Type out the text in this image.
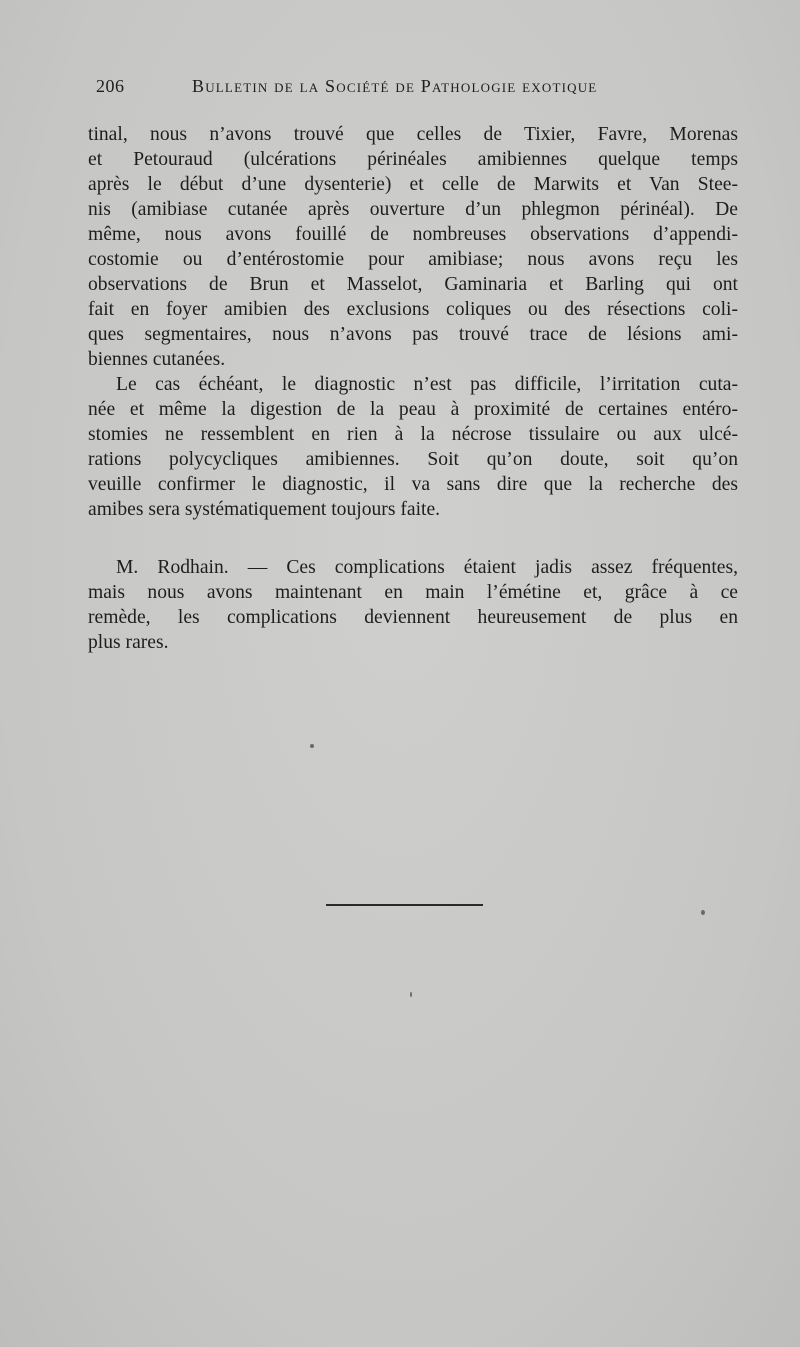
206	Bulletin de la Société de Pathologie exotique

tinal, nous n’avons trouvé que celles de Tixier, Favre, Morenas
et Petouraud (ulcérations périnéales amibiennes quelque temps
après le début d’une dysenterie) et celle de Marwits et Van Stee-
nis (amibiase cutanée après ouverture d’un phlegmon périnéal). De
même, nous avons fouillé de nombreuses observations d’appendi-
costomie ou d’entérostomie pour amibiase; nous avons reçu les
observations de Brun et Masselot, Gaminaria et Barling qui ont
fait en foyer amibien des exclusions coliques ou des résections coli-
ques segmentaires, nous n’avons pas trouvé trace de lésions ami-
biennes cutanées.

Le cas échéant, le diagnostic n’est pas difficile, l’irritation cuta-
née et même la digestion de la peau à proximité de certaines entéro-
stomies ne ressemblent en rien à la nécrose tissulaire ou aux ulcé-
rations polycycliques amibiennes. Soit qu’on doute, soit qu’on
veuille confirmer le diagnostic, il va sans dire que la recherche des
amibes sera systématiquement toujours faite.

M. Rodhain. — Ces complications étaient jadis assez fréquentes,
mais nous avons maintenant en main l’émétine et, grâce à ce
remède, les complications deviennent heureusement de plus en
plus rares.
